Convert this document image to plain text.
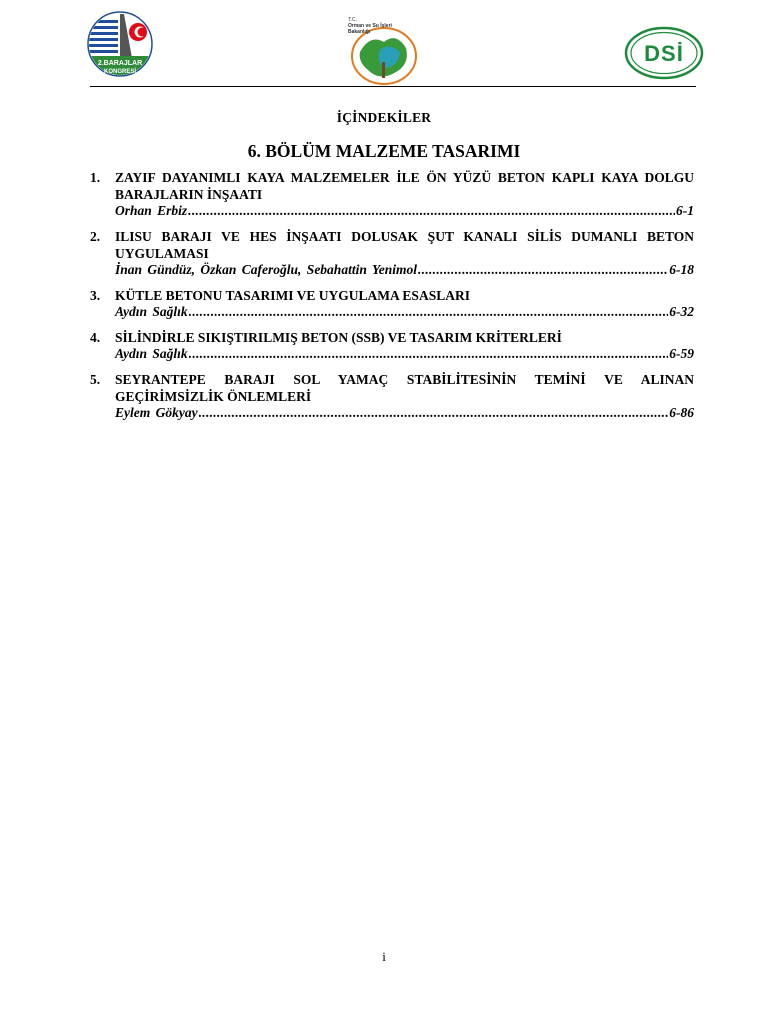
2.BARAJLAR
KONGRESİ
T.C.
Orman ve Su İşleri
Bakanlığı
DSİ
İÇİNDEKİLER
6. BÖLÜM MALZEME TASARIMI
1. ZAYIF DAYANIMLI KAYA MALZEMELER İLE ÖN YÜZÜ BETON KAPLI KAYA DOLGU BARAJLARIN İNŞAATI
Orhan Erbiz .....	6-1
2. ILISU BARAJI VE HES İNŞAATI DOLUSAK ŞUT KANALI SİLİS DUMANLI BETON UYGULAMASI
İnan Gündüz, Özkan Caferoğlu, Sebahattin Yenimol .....	6-18
3. KÜTLE BETONU TASARIMI VE UYGULAMA ESASLARI
Aydın Sağlık .....	6-32
4. SİLİNDİRLE SIKIŞTIRILMIŞ BETON (SSB) VE TASARIM KRİTERLERİ
Aydın Sağlık .....	6-59
5. SEYRANTEPE BARAJI SOL YAMAÇ STABİLİTESİNİN TEMİNİ VE ALINAN GEÇİRİMSİZLİK ÖNLEMLERİ
Eylem Gökyay .....	6-86
i
